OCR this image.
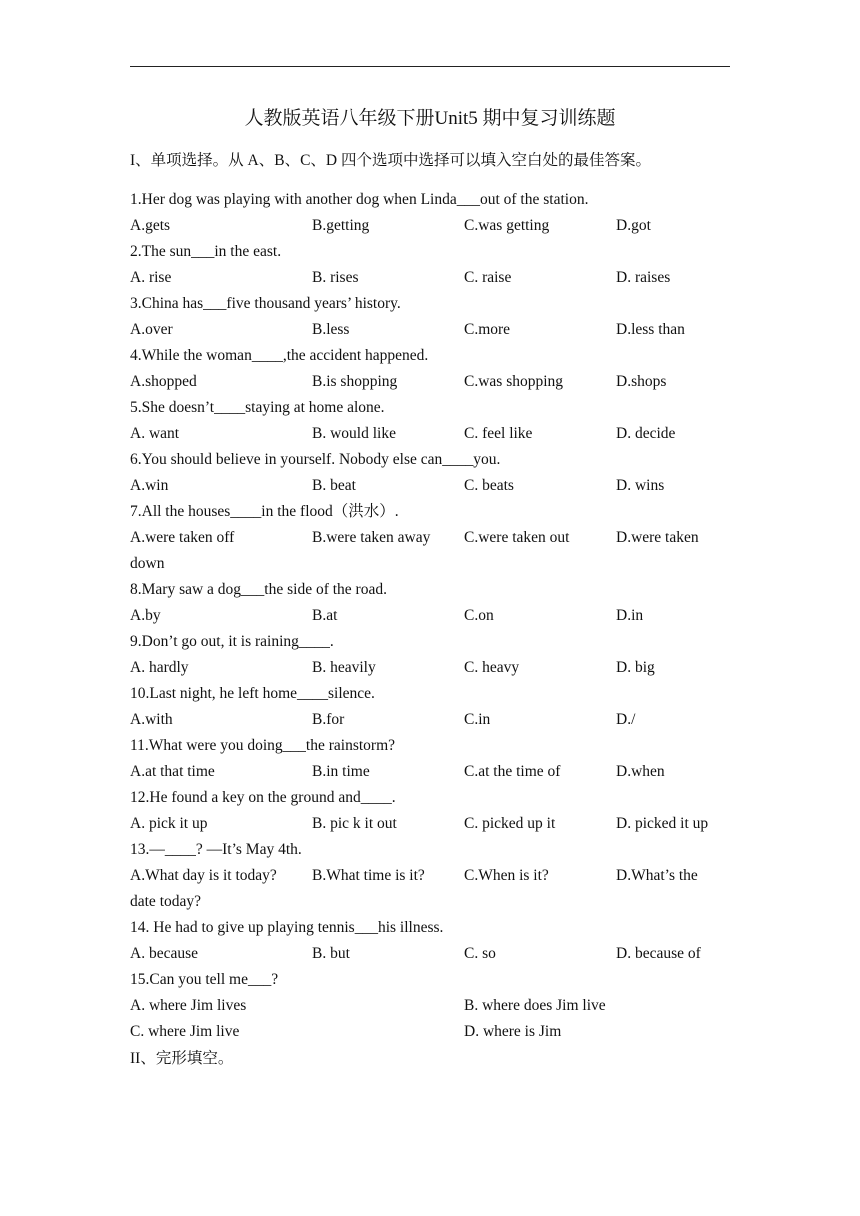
人教版英语八年级下册Unit5 期中复习训练题
I、单项选择。从 A、B、C、D 四个选项中选择可以填入空白处的最佳答案。
1.Her dog was playing with another dog when Linda___out of the station.
A.gets	B.getting	C.was getting	D.got
2.The sun___in the east.
A. rise	B. rises	C. raise	D. raises
3.China has___five thousand years’ history.
A.over	B.less	C.more	D.less than
4.While the woman____,the accident happened.
A.shopped	B.is shopping	C.was shopping	D.shops
5.She doesn’t____staying at home alone.
A. want	B. would like	C. feel like	D. decide
6.You should believe in yourself. Nobody else can____you.
A.win	B. beat	C. beats	D. wins
7.All the houses____in the flood（洪水）.
A.were taken off	B.were taken away C.were taken out	D.were taken
down
8.Mary saw a dog___the side of the road.
A.by	B.at	C.on	D.in
9.Don’t go out, it is raining____.
A. hardly	B. heavily	C. heavy	D. big
10.Last night, he left home____silence.
A.with	B.for	C.in	D./
11.What were you doing___the rainstorm?
A.at that time	B.in time	C.at the time of	D.when
12.He found a key on the ground and____.
A. pick it up	B. pic k it out	C. picked up it	D. picked it up
13.—____? —It’s May 4th.
A.What day is it today? B.What time is it?	C.When is it?	D.What’s the
date today?
14. He had to give up playing tennis___his illness.
A. because	B. but	C. so	D. because of
15.Can you tell me___?
A. where Jim lives	B. where does Jim live
C. where Jim live	D. where is Jim
II、完形填空。
